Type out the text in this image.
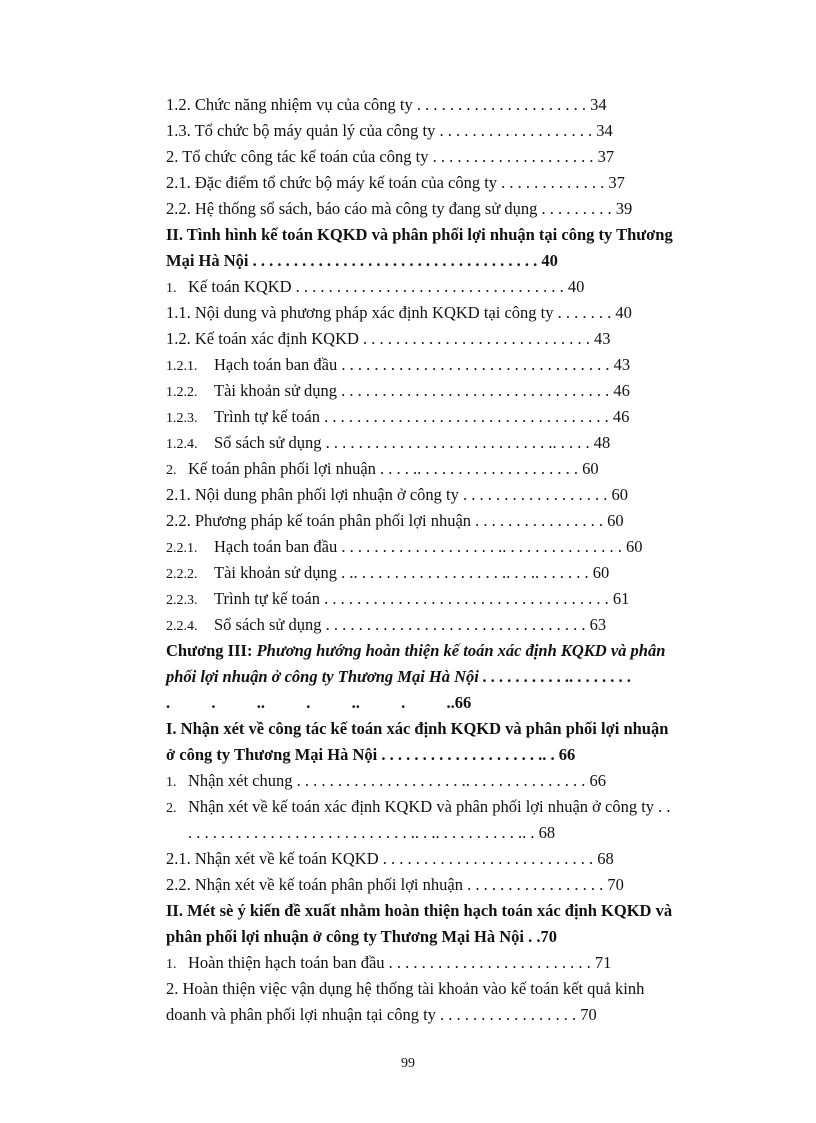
1.2. Chức năng nhiệm vụ của công ty . . . . . . . . . . . . . . . . . . . . . 34
1.3. Tổ chức bộ máy quản lý của công ty . . . . . . . . . . . . . . . . . . . 34
2. Tổ chức công tác kế toán của công ty . . . . . . . . . . . . . . . . . . . . 37
2.1. Đặc điểm tổ chức bộ máy kế toán của công ty . . . . . . . . . . . . . 37
2.2. Hệ thống sổ sách, báo cáo mà công ty đang sử dụng . . . . . . . . . 39
II. Tình hình kế toán KQKD và phân phối lợi nhuận tại công ty Thương
Mại Hà Nội . . . . . . . . . . . . . . . . . . . . . . . . . . . . . . . . . . . 40
1. Kế toán KQKD . . . . . . . . . . . . . . . . . . . . . . . . . . . . . . . . . 40
1.1. Nội dung và phương pháp xác định KQKD tại công ty . . . . . . . 40
1.2. Kế toán xác định KQKD . . . . . . . . . . . . . . . . . . . . . . . . . . . . 43
1.2.1. Hạch toán ban đầu . . . . . . . . . . . . . . . . . . . . . . . . . . . . . . . . . 43
1.2.2. Tài khoản sử dụng . . . . . . . . . . . . . . . . . . . . . . . . . . . . . . . . . 46
1.2.3. Trình tự kế toán . . . . . . . . . . . . . . . . . . . . . . . . . . . . . . . . . . . 46
1.2.4. Sổ sách sử dụng . . . . . . . . . . . . . . . . . . . . . . . . . . . .. . . . . 48
2. Kế toán phân phối lợi nhuận . . . . .. . . . . . . . . . . . . . . . . . . . 60
2.1. Nội dung phân phối lợi nhuận ở công ty . . . . . . . . . . . . . . . . . . 60
2.2. Phương pháp kế toán phân phối lợi nhuận . . . . . . . . . . . . . . . . 60
2.2.1. Hạch toán ban đầu . . . . . . . . . . . . . . . . . . . .. . . . . . . . . . . . . . . 60
2.2.2. Tài khoản sử dụng . .. . . . . . . . . . . . . . . . . . .. . . .. . . . . . . 60
2.2.3. Trình tự kế toán . . . . . . . . . . . . . . . . . . . . . . . . . . . . . . . . . . . 61
2.2.4. Sổ sách sử dụng . . . . . . . . . . . . . . . . . . . . . . . . . . . . . . . . 63
Chương III: Phương hướng hoàn thiện kế toán xác định KQKD và phân
phối lợi nhuận ở công ty Thương Mại Hà Nội . . . . . . . . . . .. . . . . . . .
.          .          ..          .          ..          .          ..66
I. Nhận xét về công tác kế toán xác định KQKD và phân phối lợi nhuận
ở công ty Thương Mại Hà Nội . . . . . . . . . . . . . . . . . . . .. . 66
1. Nhận xét chung . . . . . . . . . . . . . . . . . . . . .. . . . . . . . . . . . . . . 66
2. Nhận xét về kế toán xác định KQKD và phân phối lợi nhuận ở công ty . .
. . . . . . . . . . . . . . . . . . . . . . . . . . . .. . .. . . . . . . . . . .. . 68
2.1. Nhận xét về kế toán KQKD . . . . . . . . . . . . . . . . . . . . . . . . . . 68
2.2. Nhận xét về kế toán phân phối lợi nhuận . . . . . . . . . . . . . . . . . 70
II. Mét sè ý kiến đề xuất nhằm hoàn thiện hạch toán xác định KQKD và
phân phối lợi nhuận ở công ty Thương Mại Hà Nội . .70
1. Hoàn thiện hạch toán ban đầu . . . . . . . . . . . . . . . . . . . . . . . . . 71
2. Hoàn thiện việc vận dụng hệ thống tài khoản vào kế toán kết quả kinh
doanh và phân phối lợi nhuận tại công ty . . . . . . . . . . . . . . . . . 70
99
